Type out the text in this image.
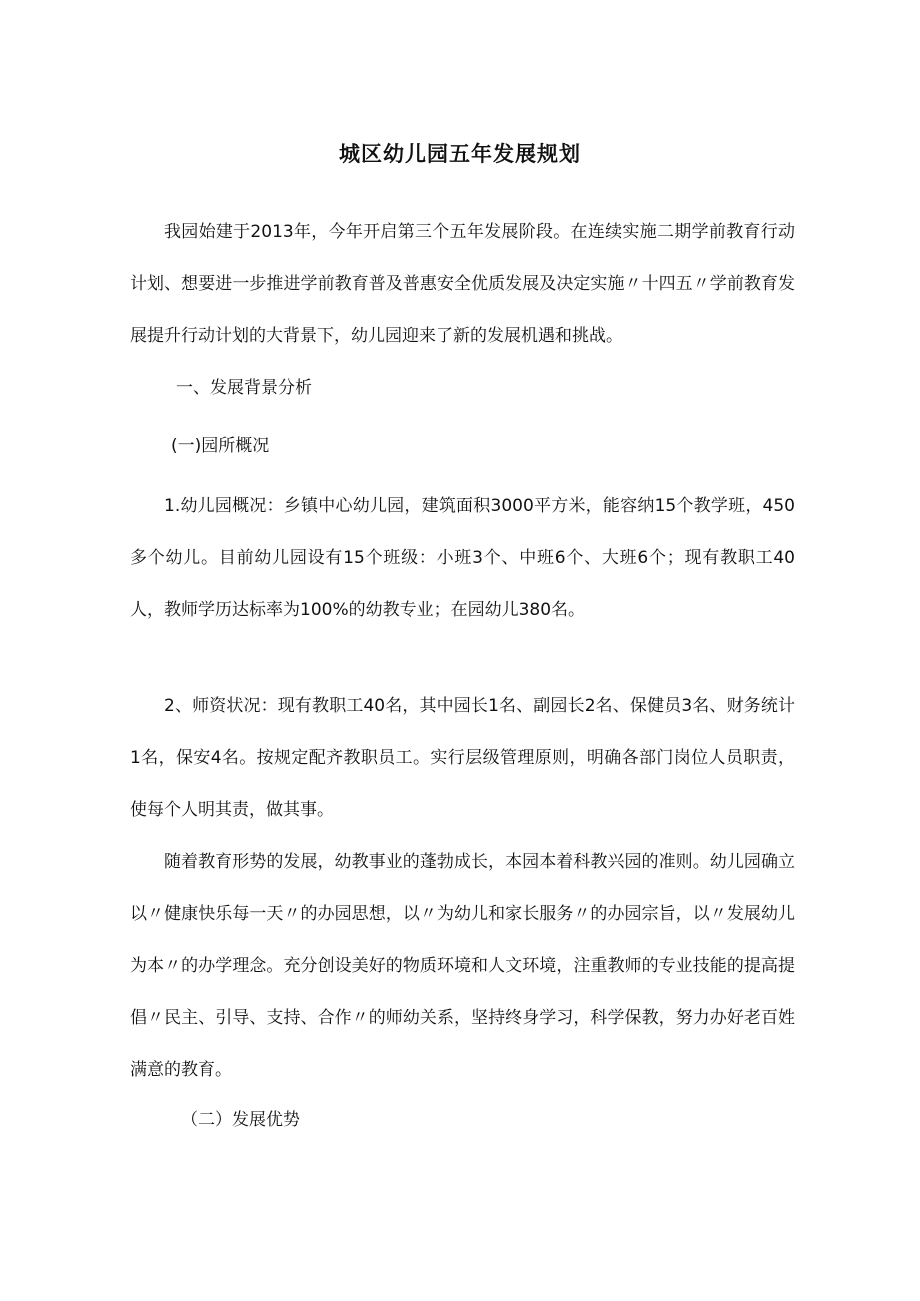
城区幼儿园五年发展规划

我园始建于2013年，今年开启第三个五年发展阶段。在连续实施二期学前教育行动计划、想要进一步推进学前教育普及普惠安全优质发展及决定实施〃十四五〃学前教育发展提升行动计划的大背景下，幼儿园迎来了新的发展机遇和挑战。

一、发展背景分析

(一)园所概况

1.幼儿园概况：乡镇中心幼儿园，建筑面积3000平方米，能容纳15个教学班，450多个幼儿。目前幼儿园设有15个班级：小班3个、中班6个、大班6个；现有教职工40人，教师学历达标率为100%的幼教专业；在园幼儿380名。

2、师资状况：现有教职工40名，其中园长1名、副园长2名、保健员3名、财务统计1名，保安4名。按规定配齐教职员工。实行层级管理原则，明确各部门岗位人员职责，使每个人明其责，做其事。

随着教育形势的发展，幼教事业的蓬勃成长，本园本着科教兴园的准则。幼儿园确立以〃健康快乐每一天〃的办园思想，以〃为幼儿和家长服务〃的办园宗旨，以〃发展幼儿为本〃的办学理念。充分创设美好的物质环境和人文环境，注重教师的专业技能的提高提倡〃民主、引导、支持、合作〃的师幼关系，坚持终身学习，科学保教，努力办好老百姓满意的教育。

（二）发展优势
